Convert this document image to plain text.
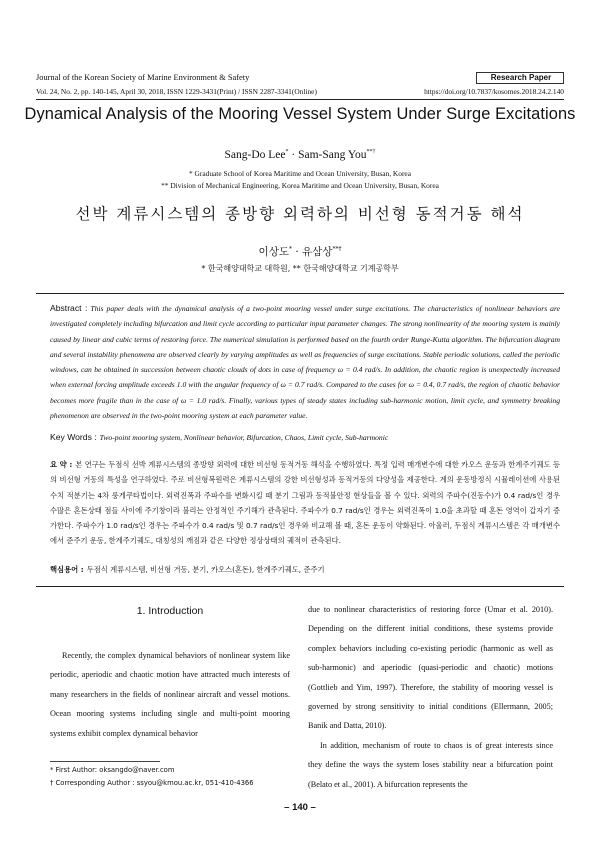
Journal of the Korean Society of Marine Environment & Safety	Research Paper
Vol. 24, No. 2, pp. 140-145, April 30, 2018, ISSN 1229-3431(Print) / ISSN 2287-3341(Online)	https://doi.org/10.7837/kosomes.2018.24.2.140
Dynamical Analysis of the Mooring Vessel System Under Surge Excitations
Sang-Do Lee* · Sam-Sang You**†
* Graduate School of Korea Maritime and Ocean University, Busan, Korea
** Division of Mechanical Engineering, Korea Maritime and Ocean University, Busan, Korea
선박 계류시스템의 종방향 외력하의 비선형 동적거동 해석
이상도* · 유삼상**†
* 한국해양대학교 대학원, ** 한국해양대학교 기계공학부
Abstract : This paper deals with the dynamical analysis of a two-point mooring vessel under surge excitations. The characteristics of nonlinear behaviors are investigated completely including bifurcation and limit cycle according to particular input parameter changes. The strong nonlinearity of the mooring system is mainly caused by linear and cubic terms of restoring force. The numerical simulation is performed based on the fourth order Runge-Kutta algorithm. The bifurcation diagram and several instability phenomena are observed clearly by varying amplitudes as well as frequencies of surge excitations. Stable periodic solutions, called the periodic windows, can be obtained in succession between chaotic clouds of dots in case of frequency ω = 0.4 rad/s. In addition, the chaotic region is unexpectedly increased when external forcing amplitude exceeds 1.0 with the angular frequency of ω = 0.7 rad/s. Compared to the cases for ω = 0.4, 0.7 rad/s, the region of chaotic behavior becomes more fragile than in the case of ω = 1.0 rad/s. Finally, various types of steady states including sub-harmonic motion, limit cycle, and symmetry breaking phenomenon are observed in the two-point mooring system at each parameter value.
Key Words : Two-point mooring system, Nonlinear behavior, Bifurcation, Chaos, Limit cycle, Sub-harmonic
요 약 : 본 연구는 두점식 선박 계류시스템의 종방향 외력에 대한 비선형 동적거동 해석을 수행하였다. 특정 입력 매개변수에 대한 카오스 운동과 한계주기궤도 등의 비선형 거동의 특성을 연구하였다. 주로 비선형복원력은 계류시스템의 강한 비선형성과 동적거동의 다양성을 제공한다. 계의 운동방정식 시뮬레이션에 사용된 수치 적분기는 4차 룽게쿠타법이다. 외력진폭과 주파수를 변화시킬 때 분기 그림과 동적불안정 현상들을 볼 수 있다. 외력의 주파수(진동수)가 0.4 rad/s인 경우 수많은 혼돈상태 점들 사이에 주기창이라 불리는 안정적인 주기해가 관측된다. 주파수가 0.7 rad/s인 경우는 외력진폭이 1.0을 초과할 때 혼돈 영역이 갑자기 증가한다. 주파수가 1.0 rad/s인 경우는 주파수가 0.4 rad/s 및 0.7 rad/s인 경우와 비교해 볼 때, 혼돈 운동이 약화된다. 아울러, 두점식 계류시스템은 각 매개변수에서 준주기 운동, 한계주기궤도, 대칭성의 깨짐과 같은 다양한 정상상태의 궤적이 관측된다.
핵심용어 : 두점식 계류시스템, 비선형 거동, 분기, 카오스(혼돈), 한계주기궤도, 준주기
1. Introduction
Recently, the complex dynamical behaviors of nonlinear system like periodic, aperiodic and chaotic motion have attracted much interests of many researchers in the fields of nonlinear aircraft and vessel motions. Ocean mooring systems including single and multi-point mooring systems exhibit complex dynamical behavior
due to nonlinear characteristics of restoring force (Umar et al. 2010). Depending on the different initial conditions, these systems provide complex behaviors including co-existing periodic (harmonic as well as sub-harmonic) and aperiodic (quasi-periodic and chaotic) motions (Gottlieb and Yim, 1997). Therefore, the stability of mooring vessel is governed by strong sensitivity to initial conditions (Ellermann, 2005; Banik and Datta, 2010).
In addition, mechanism of route to chaos is of great interests since they define the ways the system loses stability near a bifurcation point (Belato et al., 2001). A bifurcation represents the
* First Author: oksangdo@naver.com
† Corresponding Author : ssyou@kmou.ac.kr, 051-410-4366
– 140 –
